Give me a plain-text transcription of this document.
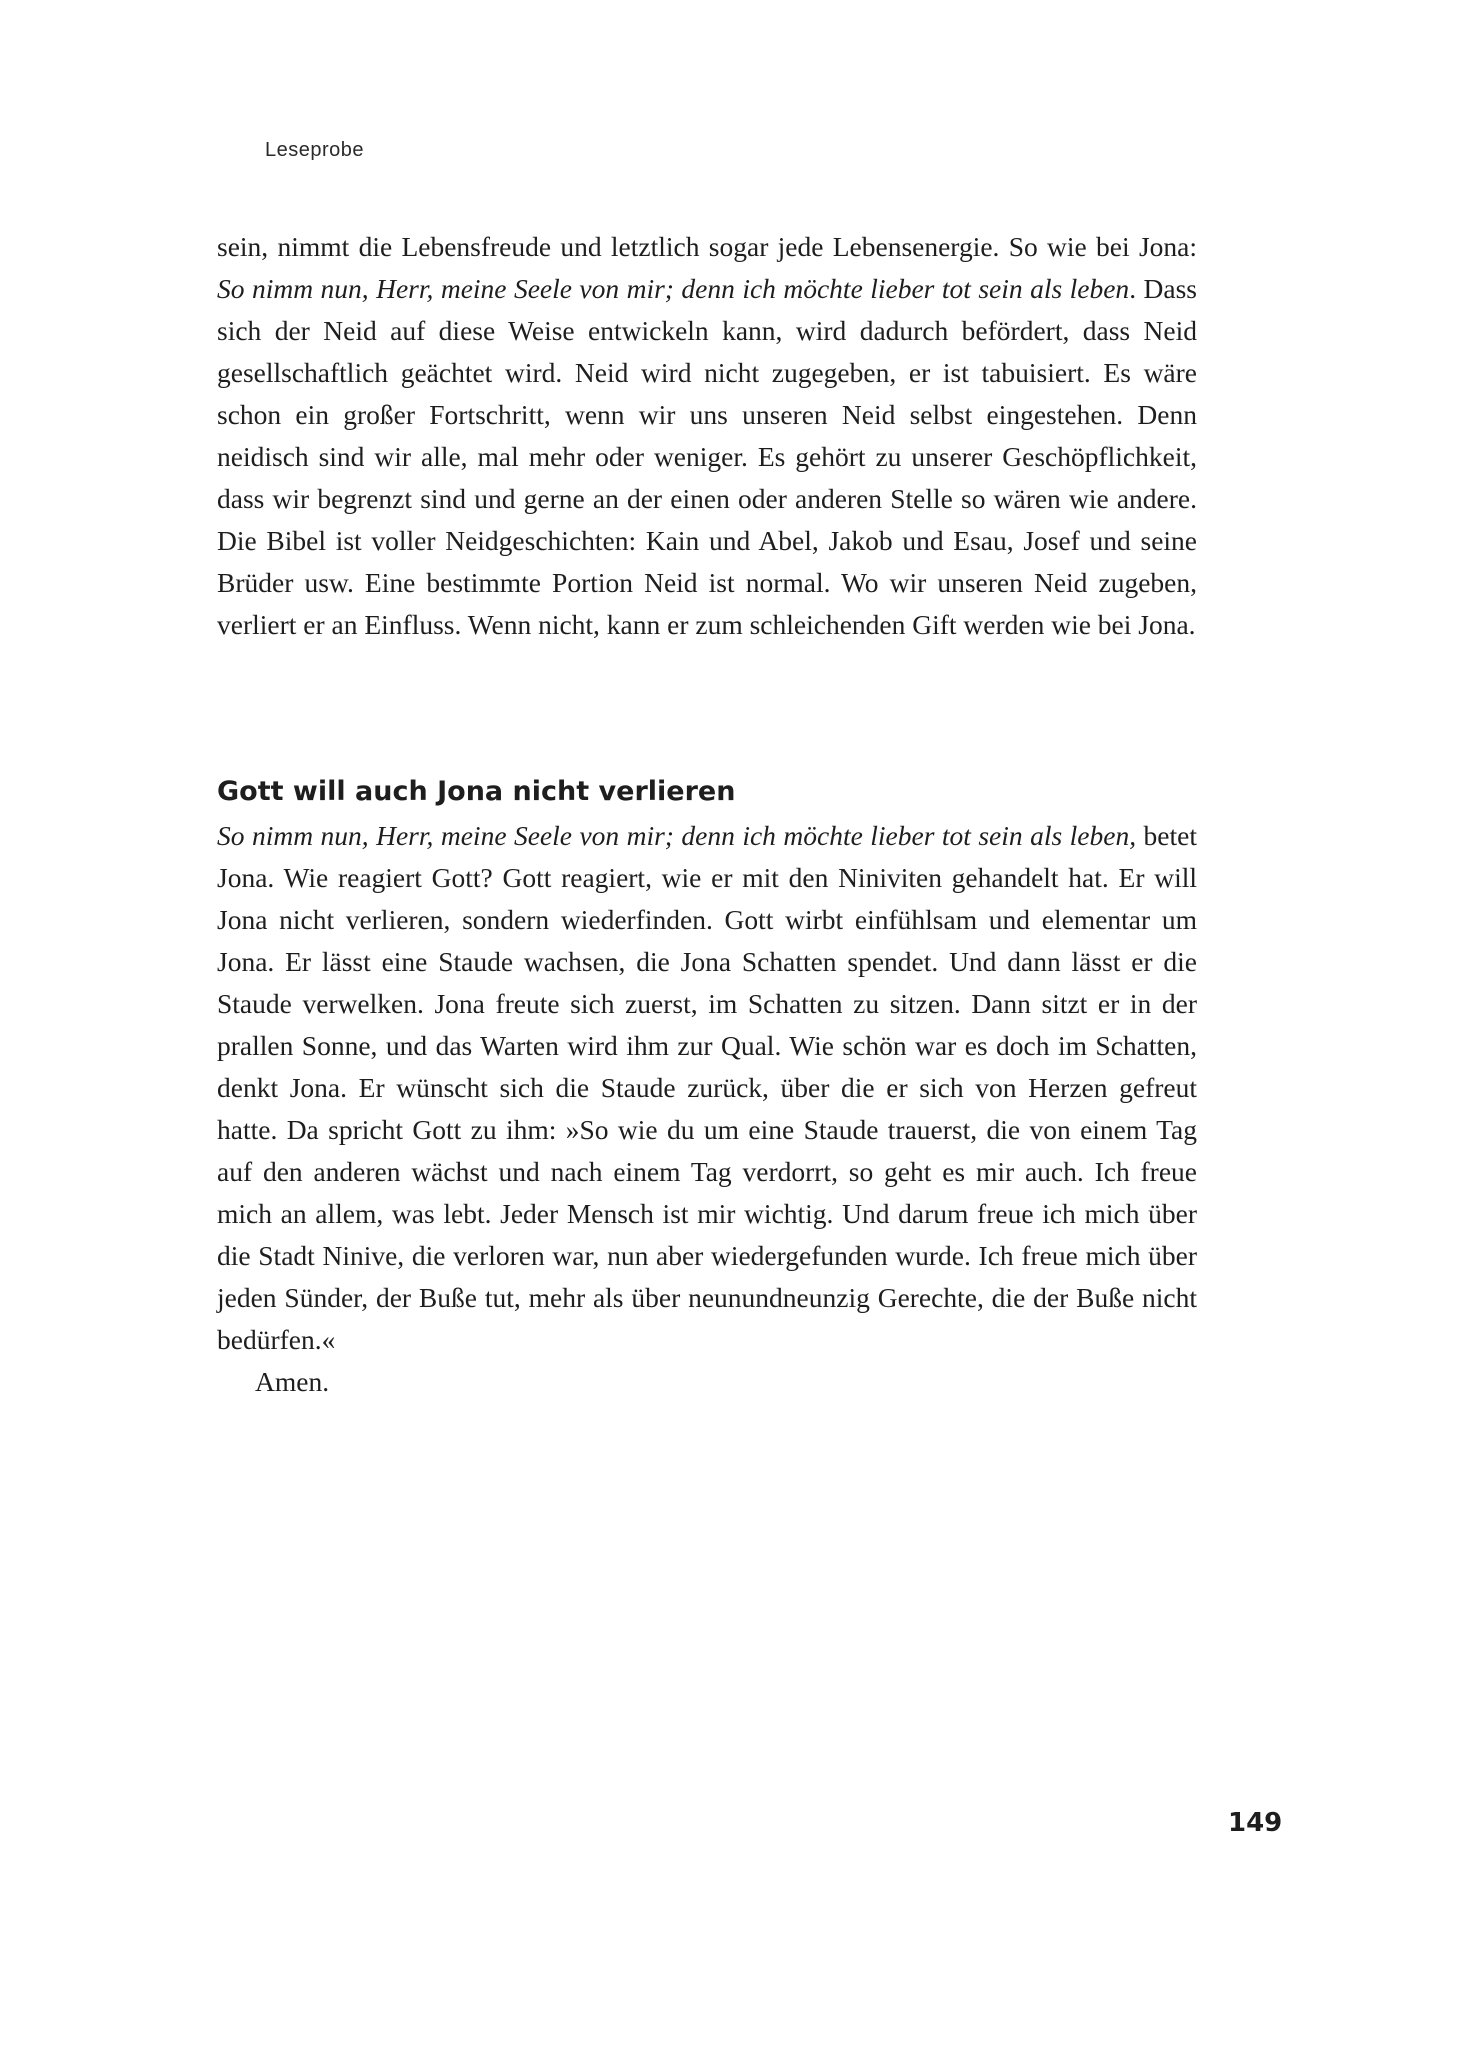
Leseprobe

sein, nimmt die Lebensfreude und letztlich sogar jede Lebensenergie. So wie bei Jona: So nimm nun, Herr, meine Seele von mir; denn ich möchte lieber tot sein als leben. Dass sich der Neid auf diese Weise entwickeln kann, wird dadurch befördert, dass Neid gesellschaftlich geächtet wird. Neid wird nicht zugegeben, er ist tabuisiert. Es wäre schon ein großer Fortschritt, wenn wir uns unseren Neid selbst eingestehen. Denn neidisch sind wir alle, mal mehr oder weniger. Es gehört zu unserer Geschöpflichkeit, dass wir begrenzt sind und gerne an der einen oder anderen Stelle so wären wie andere. Die Bibel ist voller Neidgeschichten: Kain und Abel, Jakob und Esau, Josef und seine Brüder usw. Eine bestimmte Portion Neid ist normal. Wo wir unseren Neid zugeben, verliert er an Einfluss. Wenn nicht, kann er zum schleichenden Gift werden wie bei Jona.

Gott will auch Jona nicht verlieren

So nimm nun, Herr, meine Seele von mir; denn ich möchte lieber tot sein als leben, betet Jona. Wie reagiert Gott? Gott reagiert, wie er mit den Niniviten gehandelt hat. Er will Jona nicht verlieren, sondern wiederfinden. Gott wirbt einfühlsam und elementar um Jona. Er lässt eine Staude wachsen, die Jona Schatten spendet. Und dann lässt er die Staude verwelken. Jona freute sich zuerst, im Schatten zu sitzen. Dann sitzt er in der prallen Sonne, und das Warten wird ihm zur Qual. Wie schön war es doch im Schatten, denkt Jona. Er wünscht sich die Staude zurück, über die er sich von Herzen gefreut hatte. Da spricht Gott zu ihm: »So wie du um eine Staude trauerst, die von einem Tag auf den anderen wächst und nach einem Tag verdorrt, so geht es mir auch. Ich freue mich an allem, was lebt. Jeder Mensch ist mir wichtig. Und darum freue ich mich über die Stadt Ninive, die verloren war, nun aber wiedergefunden wurde. Ich freue mich über jeden Sünder, der Buße tut, mehr als über neunundneunzig Gerechte, die der Buße nicht bedürfen.«

Amen.

149
